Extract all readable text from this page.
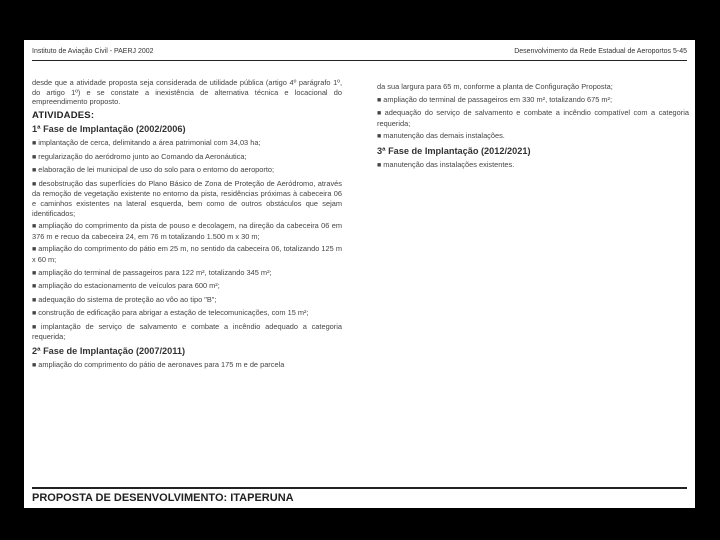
Instituto de Aviação Civil - PAERJ 2002	Desenvolvimento da Rede Estadual de Aeroportos 5-45

desde que a atividade proposta seja considerada de utilidade pública (artigo 4º parágrafo 1º, do artigo 1º) e se constate a inexistência de alternativa técnica e locacional do empreendimento proposto.

ATIVIDADES:
1ª Fase de Implantação (2002/2006)
■ implantação de cerca, delimitando a área patrimonial com 34,03 ha;
■ regularização do aeródromo junto ao Comando da Aeronáutica;
■ elaboração de lei municipal de uso do solo para o entorno do aeroporto;
■ desobstrução das superfícies do Plano Básico de Zona de Proteção de Aeródromo, através da remoção de vegetação existente no entorno da pista, residências próximas à cabeceira 06 e caminhos existentes na lateral esquerda, bem como de outros obstáculos que sejam identificados;
■ ampliação do comprimento da pista de pouso e decolagem, na direção da cabeceira 06 em 376 m e recuo da cabeceira 24, em 76 m totalizando 1.500 m x 30 m;
■ ampliação do comprimento do pátio em 25 m, no sentido da cabeceira 06, totalizando 125 m x 60 m;
■ ampliação do terminal de passageiros para 122 m², totalizando 345 m²;
■ ampliação do estacionamento de veículos para 600 m²;
■ adequação do sistema de proteção ao vôo ao tipo "B";
■ construção de edificação para abrigar a estação de telecomunicações, com 15 m²;
■ implantação de serviço de salvamento e combate a incêndio adequado a categoria requerida;
2ª Fase de Implantação (2007/2011)
■ ampliação do comprimento do pátio de aeronaves para 175 m e de parcela

da sua largura para 65 m, conforme a planta de Configuração Proposta;

■ ampliação do terminal de passageiros em 330 m², totalizando 675 m²;
■ adequação do serviço de salvamento e combate a incêndio compatível com a categoria requerida;
■ manutenção das demais instalações.
3ª Fase de Implantação (2012/2021)
■ manutenção das instalações existentes.
PROPOSTA DE DESENVOLVIMENTO: ITAPERUNA
